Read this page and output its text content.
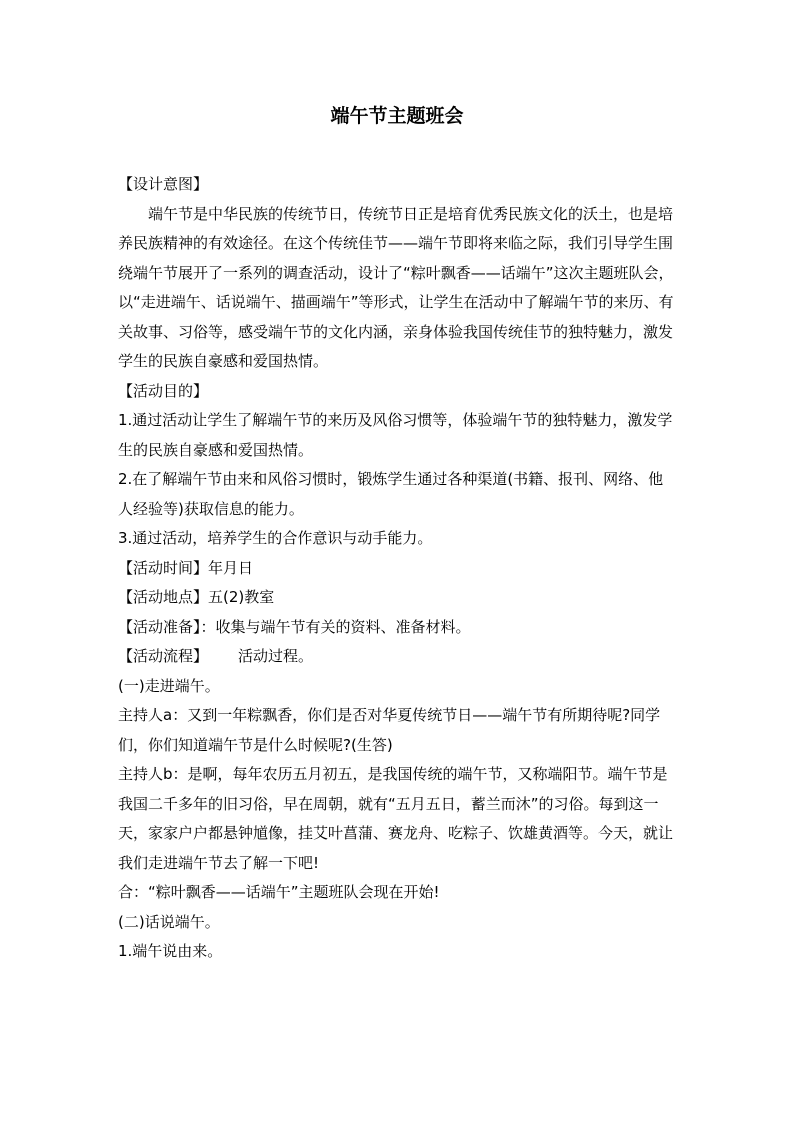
端午节主题班会

【设计意图】

端午节是中华民族的传统节日，传统节日正是培育优秀民族文化的沃土，也是培养民族精神的有效途径。在这个传统佳节——端午节即将来临之际，我们引导学生围绕端午节展开了一系列的调查活动，设计了“粽叶飘香——话端午”这次主题班队会，以“走进端午、话说端午、描画端午”等形式，让学生在活动中了解端午节的来历、有关故事、习俗等，感受端午节的文化内涵，亲身体验我国传统佳节的独特魅力，激发学生的民族自豪感和爱国热情。

【活动目的】

1.通过活动让学生了解端午节的来历及风俗习惯等，体验端午节的独特魅力，激发学生的民族自豪感和爱国热情。

2.在了解端午节由来和风俗习惯时，锻炼学生通过各种渠道(书籍、报刊、网络、他人经验等)获取信息的能力。

3.通过活动，培养学生的合作意识与动手能力。

【活动时间】年月日

【活动地点】五(2)教室

【活动准备】：收集与端午节有关的资料、准备材料。

【活动流程】 活动过程。

(一)走进端午。

主持人a：又到一年粽飘香，你们是否对华夏传统节日——端午节有所期待呢?同学们，你们知道端午节是什么时候呢?(生答)

主持人b：是啊，每年农历五月初五，是我国传统的端午节，又称端阳节。端午节是我国二千多年的旧习俗，早在周朝，就有“五月五日，蓄兰而沐”的习俗。每到这一天，家家户户都悬钟馗像，挂艾叶菖蒲、赛龙舟、吃粽子、饮雄黄酒等。今天，就让我们走进端午节去了解一下吧!

合：“粽叶飘香——话端午”主题班队会现在开始!

(二)话说端午。

1.端午说由来。
